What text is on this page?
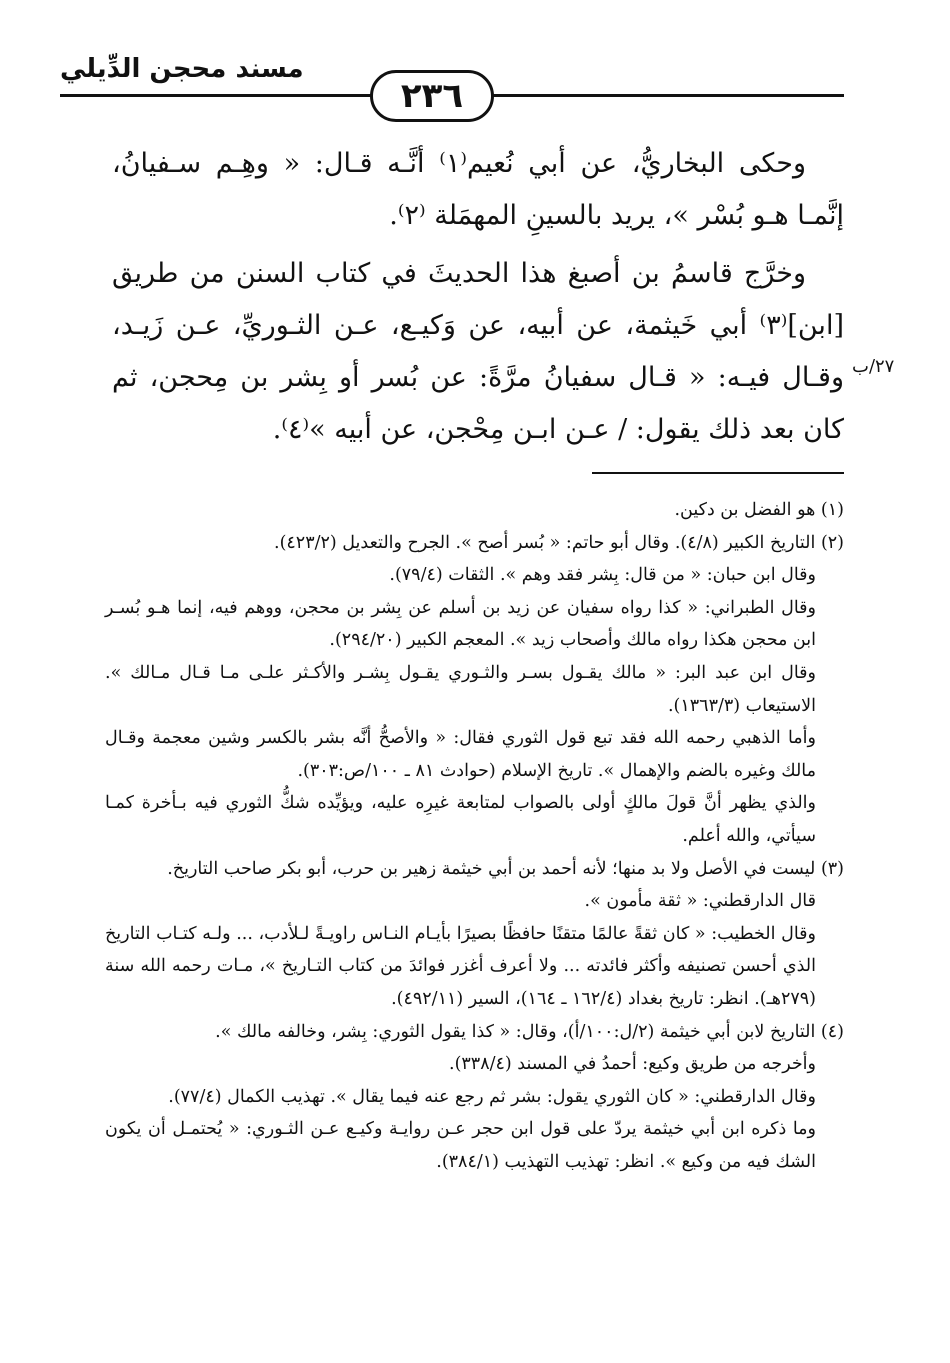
مسند محجن الدِّيلي
٢٣٦
٢٧/ب

وحكى البخاريُّ، عن أبي نُعيم⁽١⁾ أنَّـه قـال: « وهِـم سـفيانُ، إنَّمـا هـو بُسْر »، يريد بالسينِ المهمَلة ⁽٢⁾.

وخرَّج قاسمُ بن أصبغ هذا الحديثَ في كتاب السنن من طريق [ابن]⁽٣⁾ أبي خَيثمة، عن أبيه، عن وَكيـع، عـن الثـوريِّ، عـن زَيـد، وقـال فيـه: « قـال سفيانُ مرَّةً: عن بُسر أو بِشر بن مِحجن، ثم كان بعد ذلك يقول: / عـن ابـن مِحْجن، عن أبيه »⁽٤⁾.

(١) هو الفضل بن دكين.

(٢) التاريخ الكبير (٤/٨). وقال أبو حاتم: « بُسر أصح ». الجرح والتعديل (٤٢٣/٢).

وقال ابن حبان: « من قال: بِشر فقد وهم ». الثقات (٧٩/٤).

وقال الطبراني: « كذا رواه سفيان عن زيد بن أسلم عن بِشر بن محجن، ووهم فيه، إنما هـو بُسـر ابن محجن هكذا رواه مالك وأصحاب زيد ». المعجم الكبير (٢٩٤/٢٠).

وقال ابن عبد البر: « مالك يقـول بسـر والثـوري يقـول بِشـر والأكـثر علـى مـا قـال مـالك ». الاستيعاب (١٣٦٣/٣).

وأما الذهبي رحمه الله فقد تبع قول الثوري فقال: « والأصحُّ أنَّه بشر بالكسر وشين معجمة وقـال مالك وغيره بالضم والإهمال ». تاريخ الإسلام (حوادث ٨١ ـ ١٠٠/ص:٣٠٣).

والذي يظهر أنَّ قولَ مالكٍ أولى بالصواب لمتابعة غيرِه عليه، ويؤيِّده شكُّ الثوري فيه بـأخرة كمـا سيأتي، والله أعلم.

(٣) ليست في الأصل ولا بد منها؛ لأنه أحمد بن أبي خيثمة زهير بن حرب، أبو بكر صاحب التاريخ.

قال الدارقطني: « ثقة مأمون ».

وقال الخطيب: « كان ثقةً عالمًا متقنًا حافظًا بصيرًا بأيـام النـاس راويـةً لـلأدب، ... ولـه كتـاب التاريخ الذي أحسن تصنيفه وأكثر فائدته ... ولا أعرف أغزر فوائدَ من كتاب التـاريخ »، مـات رحمه الله سنة (٢٧٩هـ). انظر: تاريخ بغداد (١٦٢/٤ ـ ١٦٤)، السير (٤٩٢/١١).

(٤) التاريخ لابن أبي خيثمة (٢/ل:١٠٠/أ)، وقال: « كذا يقول الثوري: بِشر، وخالفه مالك ».

وأخرجه من طريق وكيع: أحمدُ في المسند (٣٣٨/٤).

وقال الدارقطني: « كان الثوري يقول: بشر ثم رجع عنه فيما يقال ». تهذيب الكمال (٧٧/٤).

وما ذكره ابن أبي خيثمة يردّ على قول ابن حجر عـن روايـة وكيـع عـن الثـوري: « يُحتمـل أن يكون الشك فيه من وكيع ». انظر: تهذيب التهذيب (٣٨٤/١).
